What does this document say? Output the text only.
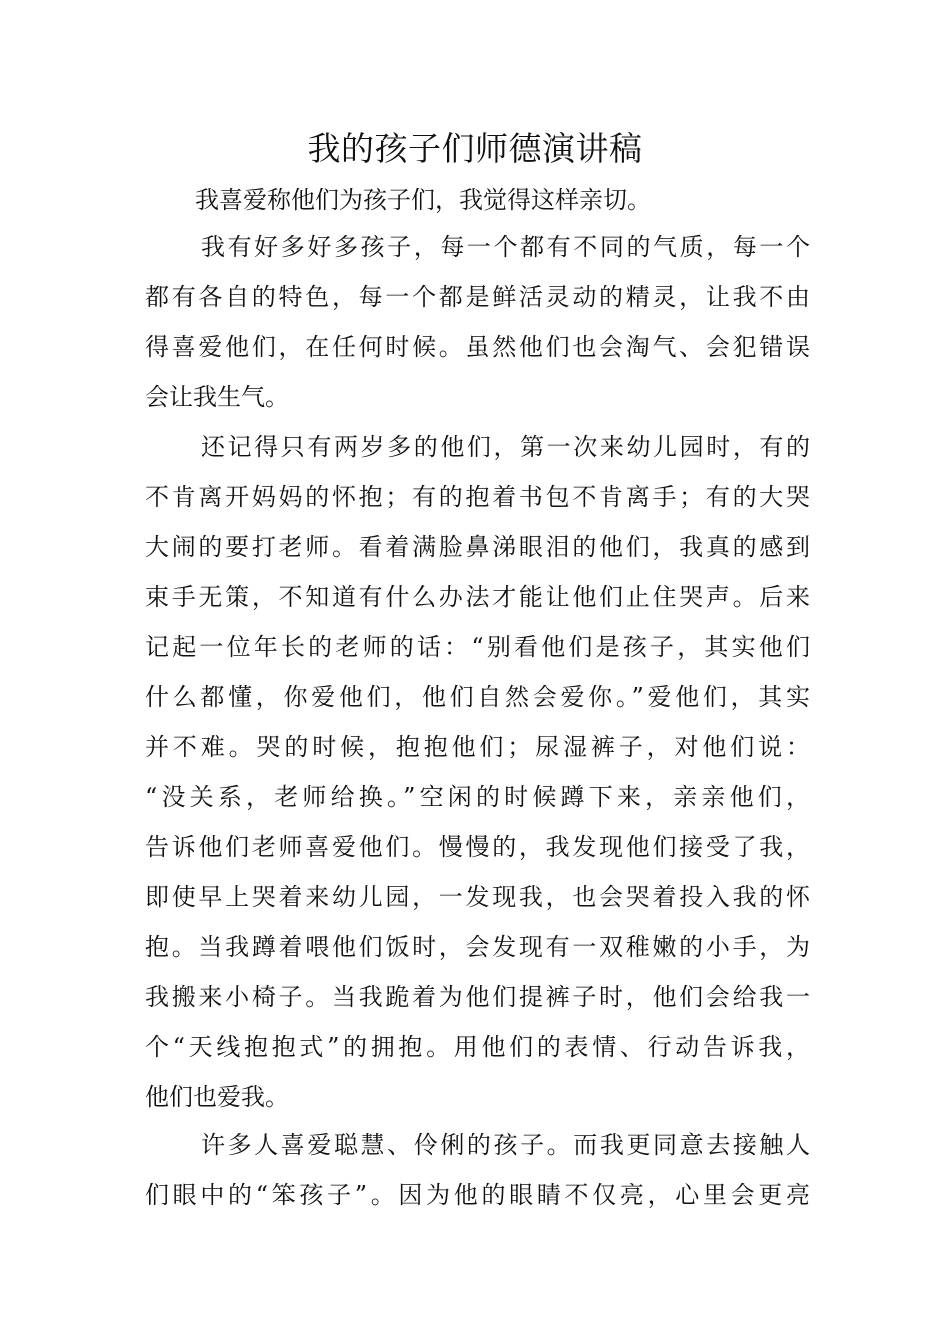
我的孩子们师德演讲稿
我喜爱称他们为孩子们，我觉得这样亲切。
我有好多好多孩子，每一个都有不同的气质，每一个
都有各自的特色，每一个都是鲜活灵动的精灵，让我不由
得喜爱他们，在任何时候。虽然他们也会淘气、会犯错误
会让我生气。
还记得只有两岁多的他们，第一次来幼儿园时，有的
不肯离开妈妈的怀抱；有的抱着书包不肯离手；有的大哭
大闹的要打老师。看着满脸鼻涕眼泪的他们，我真的感到
束手无策，不知道有什么办法才能让他们止住哭声。后来
记起一位年长的老师的话：“别看他们是孩子，其实他们
什么都懂，你爱他们，他们自然会爱你。”爱他们，其实
并不难。哭的时候，抱抱他们；尿湿裤子，对他们说：
“没关系，老师给换。”空闲的时候蹲下来，亲亲他们，
告诉他们老师喜爱他们。慢慢的，我发现他们接受了我，
即使早上哭着来幼儿园，一发现我，也会哭着投入我的怀
抱。当我蹲着喂他们饭时，会发现有一双稚嫩的小手，为
我搬来小椅子。当我跪着为他们提裤子时，他们会给我一
个“天线抱抱式”的拥抱。用他们的表情、行动告诉我，
他们也爱我。
许多人喜爱聪慧、伶俐的孩子。而我更同意去接触人
们眼中的“笨孩子”。因为他的眼睛不仅亮，心里会更亮
